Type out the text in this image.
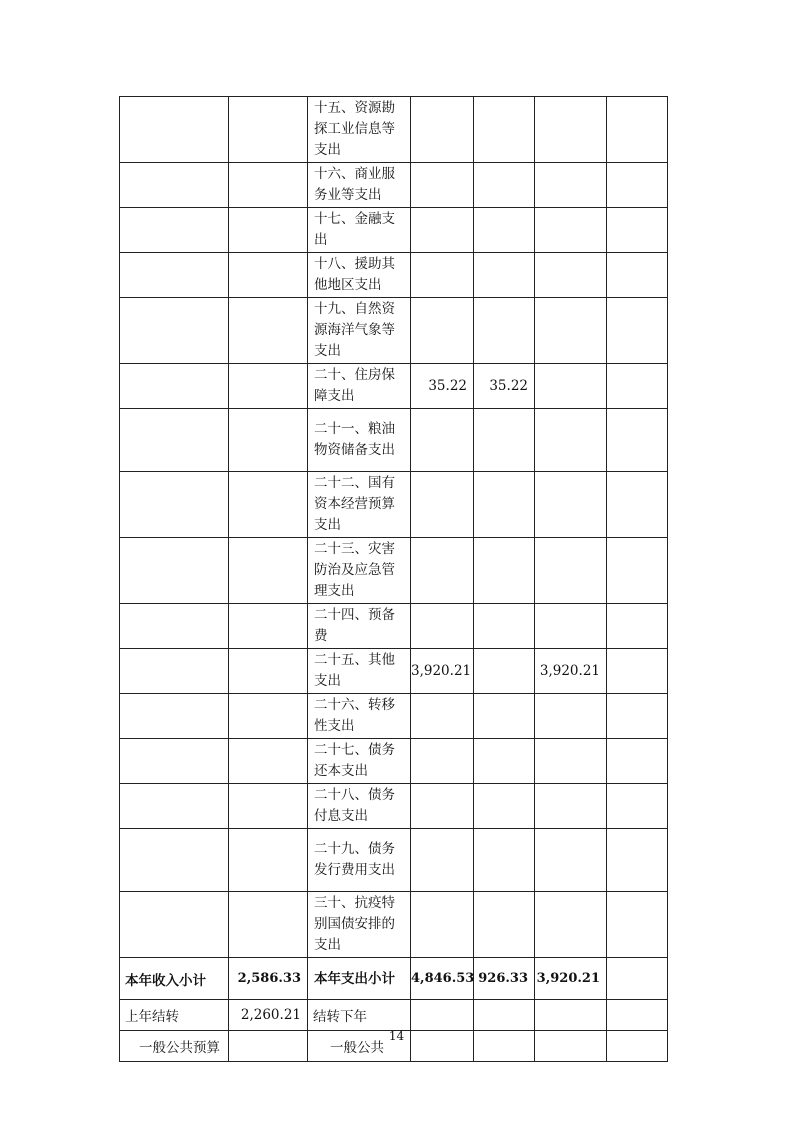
		十五、资源勘探工业信息等支出				
		十六、商业服务业等支出				
		十七、金融支出				
		十八、援助其他地区支出				
		十九、自然资源海洋气象等支出				
		二十、住房保障支出	35.22	35.22		
		二十一、粮油物资储备支出				
		二十二、国有资本经营预算支出				
		二十三、灾害防治及应急管理支出				
		二十四、预备费				
		二十五、其他支出	3,920.21		3,920.21	
		二十六、转移性支出				
		二十七、债务还本支出				
		二十八、债务付息支出				
		二十九、债务发行费用支出				
		三十、抗疫特别国债安排的支出				
本年收入小计	2,586.33	本年支出小计	4,846.53	926.33	3,920.21	
上年结转	2,260.21	结转下年				
一般公共预算		一般公共				
14
